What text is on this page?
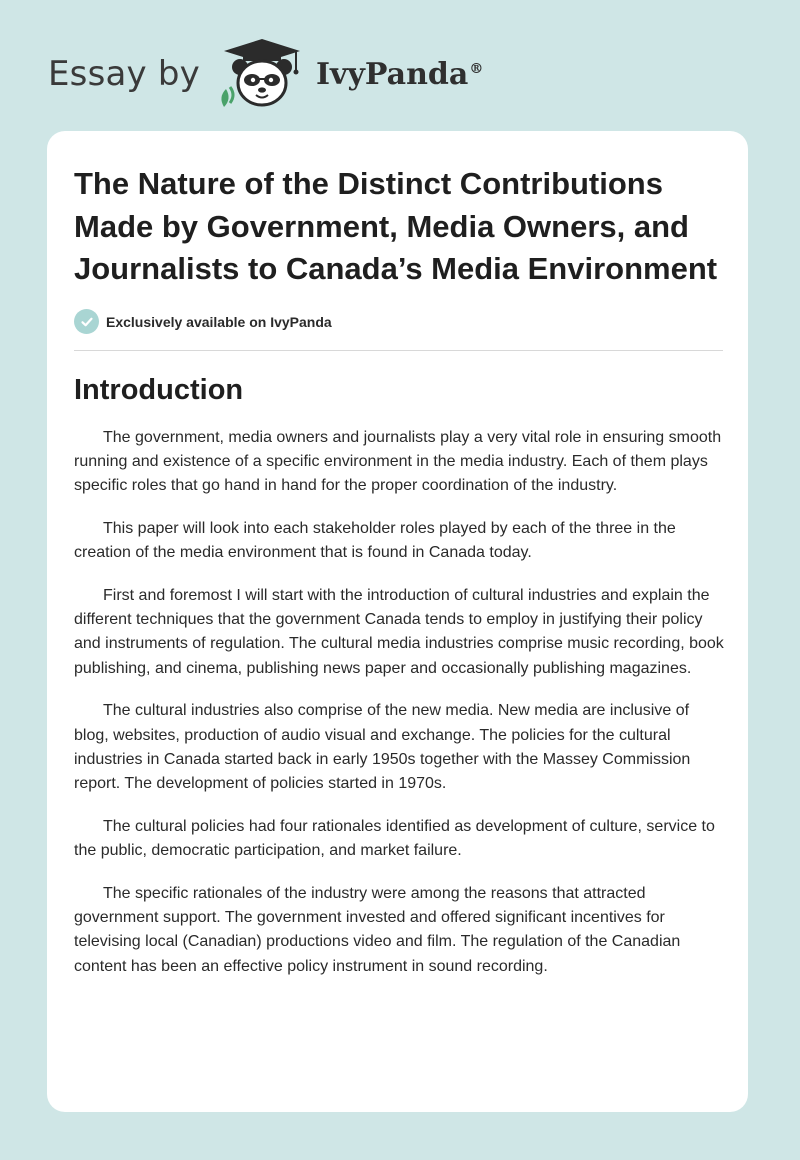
Essay by	IvyPanda®
The Nature of the Distinct Contributions Made by Government, Media Owners, and Journalists to Canada’s Media Environment
Exclusively available on IvyPanda
Introduction

The government, media owners and journalists play a very vital role in ensuring smooth running and existence of a specific environment in the media industry. Each of them plays specific roles that go hand in hand for the proper coordination of the industry.

This paper will look into each stakeholder roles played by each of the three in the creation of the media environment that is found in Canada today.

First and foremost I will start with the introduction of cultural industries and explain the different techniques that the government Canada tends to employ in justifying their policy and instruments of regulation. The cultural media industries comprise music recording, book publishing, and cinema, publishing news paper and occasionally publishing magazines.

The cultural industries also comprise of the new media. New media are inclusive of blog, websites, production of audio visual and exchange. The policies for the cultural industries in Canada started back in early 1950s together with the Massey Commission report. The development of policies started in 1970s.

The cultural policies had four rationales identified as development of culture, service to the public, democratic participation, and market failure.

The specific rationales of the industry were among the reasons that attracted government support. The government invested and offered significant incentives for televising local (Canadian) productions video and film. The regulation of the Canadian content has been an effective policy instrument in sound recording.
